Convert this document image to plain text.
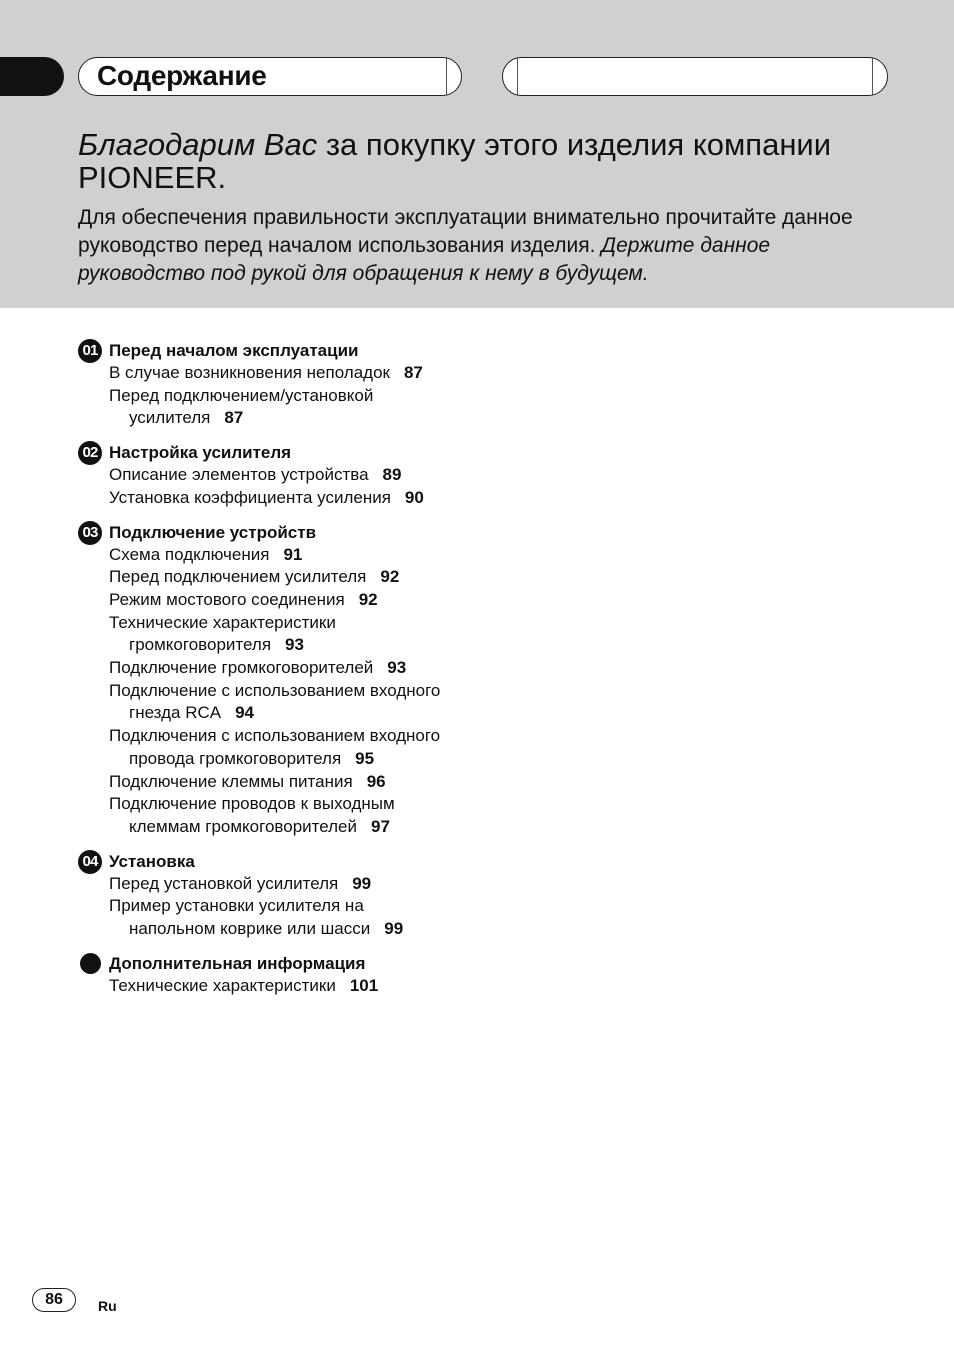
Содержание
Благодарим Вас за покупку этого изделия компании PIONEER.
Для обеспечения правильности эксплуатации внимательно прочитайте данное руководство перед началом использования изделия. Держите данное руководство под рукой для обращения к нему в будущем.
01 Перед началом эксплуатации
В случае возникновения неполадок 87
Перед подключением/установкой
усилителя 87
02 Настройка усилителя
Описание элементов устройства 89
Установка коэффициента усиления 90
03 Подключение устройств
Схема подключения 91
Перед подключением усилителя 92
Режим мостового соединения 92
Технические характеристики
громкоговорителя 93
Подключение громкоговорителей 93
Подключение с использованием входного
гнезда RCA 94
Подключения с использованием входного
провода громкоговорителя 95
Подключение клеммы питания 96
Подключение проводов к выходным
клеммам громкоговорителей 97
04 Установка
Перед установкой усилителя 99
Пример установки усилителя на
напольном коврике или шасси 99
Дополнительная информация
Технические характеристики 101
86	Ru
